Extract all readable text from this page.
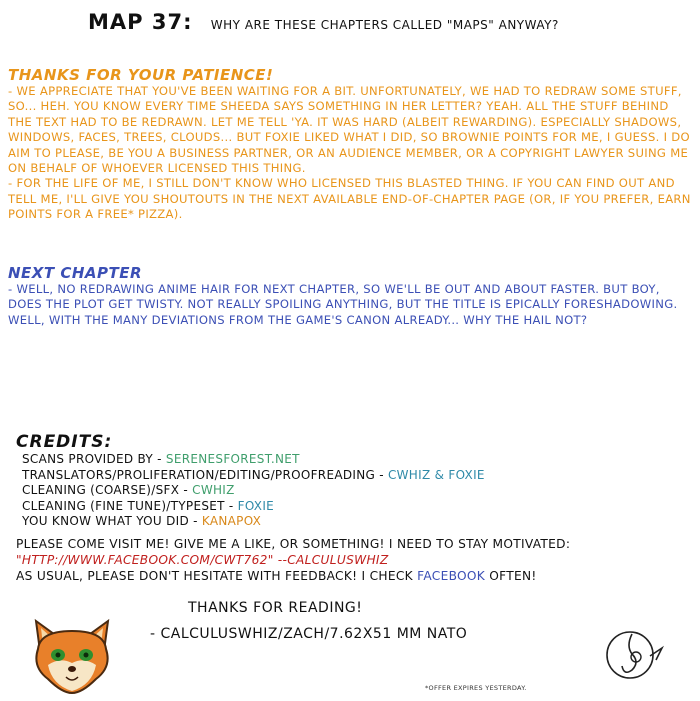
MAP 37: WHY ARE THESE CHAPTERS CALLED "MAPS" ANYWAY?
THANKS FOR YOUR PATIENCE!
- WE APPRECIATE THAT YOU'VE BEEN WAITING FOR A BIT. UNFORTUNATELY, WE HAD TO REDRAW SOME STUFF, SO... HEH. YOU KNOW EVERY TIME SHEEDA SAYS SOMETHING IN HER LETTER? YEAH. ALL THE STUFF BEHIND THE TEXT HAD TO BE REDRAWN. LET ME TELL 'YA. IT WAS HARD (ALBEIT REWARDING). ESPECIALLY SHADOWS, WINDOWS, FACES, TREES, CLOUDS... BUT FOXIE LIKED WHAT I DID, SO BROWNIE POINTS FOR ME, I GUESS. I DO AIM TO PLEASE, BE YOU A BUSINESS PARTNER, OR AN AUDIENCE MEMBER, OR A COPYRIGHT LAWYER SUING ME ON BEHALF OF WHOEVER LICENSED THIS THING.
- FOR THE LIFE OF ME, I STILL DON'T KNOW WHO LICENSED THIS BLASTED THING. IF YOU CAN FIND OUT AND TELL ME, I'LL GIVE YOU SHOUTOUTS IN THE NEXT AVAILABLE END-OF-CHAPTER PAGE (OR, IF YOU PREFER, EARN POINTS FOR A FREE* PIZZA).
NEXT CHAPTER
- WELL, NO REDRAWING ANIME HAIR FOR NEXT CHAPTER, SO WE'LL BE OUT AND ABOUT FASTER. BUT BOY, DOES THE PLOT GET TWISTY. NOT REALLY SPOILING ANYTHING, BUT THE TITLE IS EPICALLY FORESHADOWING. WELL, WITH THE MANY DEVIATIONS FROM THE GAME'S CANON ALREADY... WHY THE HAIL NOT?
CREDITS:
SCANS PROVIDED BY - SERENESFOREST.NET
TRANSLATORS/PROLIFERATION/EDITING/PROOFREADING - CWHIZ & FOXIE
CLEANING (COARSE)/SFX - CWHIZ
CLEANING (FINE TUNE)/TYPESET - FOXIE
YOU KNOW WHAT YOU DID - KANAPOX
PLEASE COME VISIT ME! GIVE ME A LIKE, OR SOMETHING! I NEED TO STAY MOTIVATED:
"HTTP://WWW.FACEBOOK.COM/CWT762" --CALCULUSWHIZ
AS USUAL, PLEASE DON'T HESITATE WITH FEEDBACK! I CHECK FACEBOOK OFTEN!
THANKS FOR READING!
- CALCULUSWHIZ/ZACH/7.62X51 MM NATO
*OFFER EXPIRES YESTERDAY.
